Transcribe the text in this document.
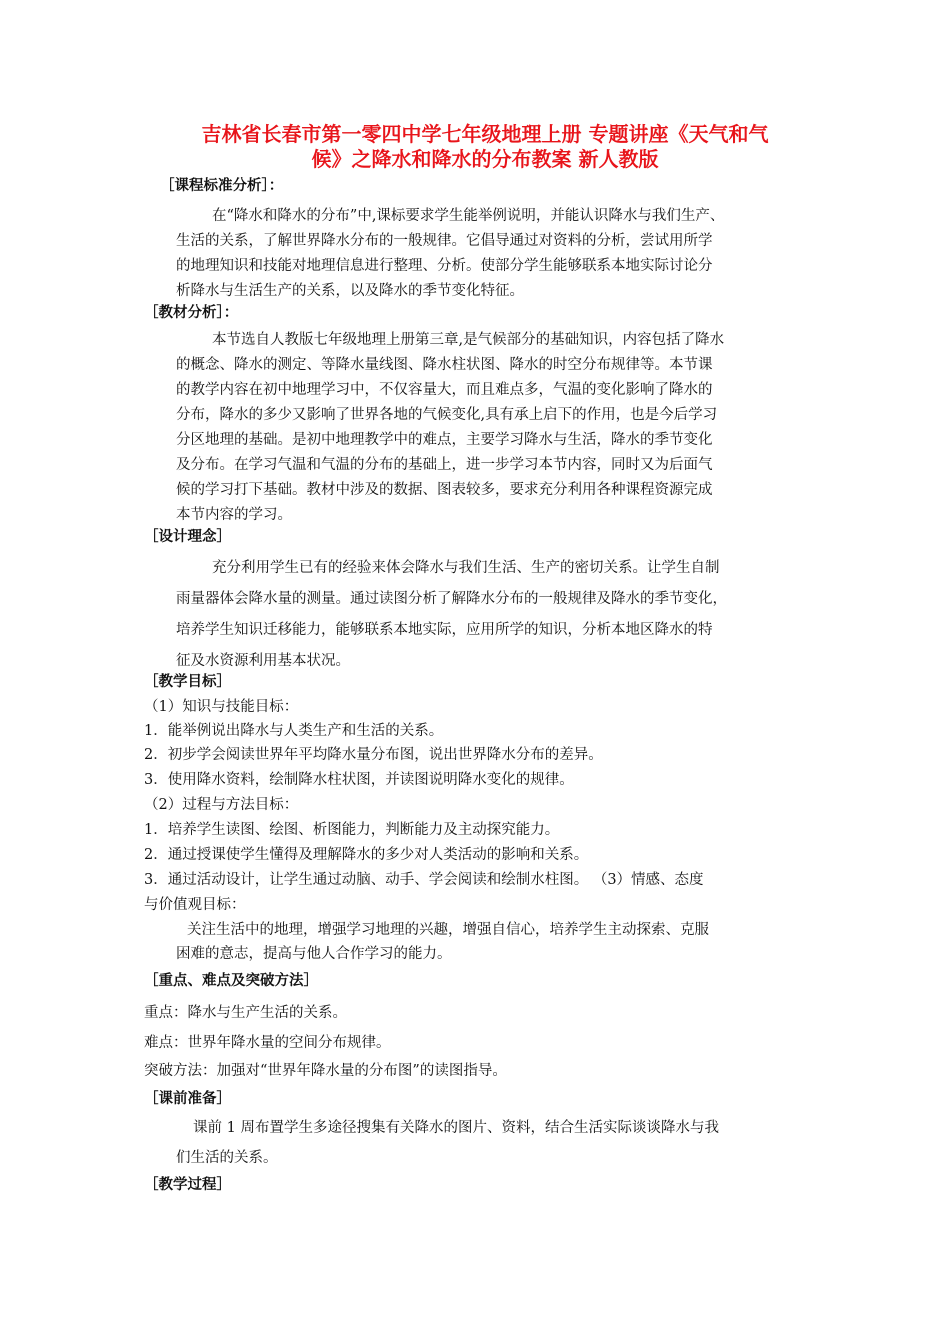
吉林省长春市第一零四中学七年级地理上册 专题讲座《天气和气
候》之降水和降水的分布教案 新人教版
［课程标准分析］：
在“降水和降水的分布”中,课标要求学生能举例说明，并能认识降水与我们生产、
生活的关系，了解世界降水分布的一般规律。它倡导通过对资料的分析，尝试用所学
的地理知识和技能对地理信息进行整理、分析。使部分学生能够联系本地实际讨论分
析降水与生活生产的关系，以及降水的季节变化特征。
［教材分析］：
本节选自人教版七年级地理上册第三章,是气候部分的基础知识，内容包括了降水
的概念、降水的测定、等降水量线图、降水柱状图、降水的时空分布规律等。本节课
的教学内容在初中地理学习中，不仅容量大，而且难点多，气温的变化影响了降水的
分布，降水的多少又影响了世界各地的气候变化,具有承上启下的作用，也是今后学习
分区地理的基础。是初中地理教学中的难点，主要学习降水与生活，降水的季节变化
及分布。在学习气温和气温的分布的基础上，进一步学习本节内容，同时又为后面气
候的学习打下基础。教材中涉及的数据、图表较多，要求充分利用各种课程资源完成
本节内容的学习。
［设计理念］
充分利用学生已有的经验来体会降水与我们生活、生产的密切关系。让学生自制
雨量器体会降水量的测量。通过读图分析了解降水分布的一般规律及降水的季节变化，
培养学生知识迁移能力，能够联系本地实际，应用所学的知识，分析本地区降水的特
征及水资源利用基本状况。
［教学目标］
（1）知识与技能目标：
1．能举例说出降水与人类生产和生活的关系。
2．初步学会阅读世界年平均降水量分布图，说出世界降水分布的差异。
3．使用降水资料，绘制降水柱状图，并读图说明降水变化的规律。
（2）过程与方法目标：
1．培养学生读图、绘图、析图能力，判断能力及主动探究能力。
2．通过授课使学生懂得及理解降水的多少对人类活动的影响和关系。
3．通过活动设计，让学生通过动脑、动手、学会阅读和绘制水柱图。 （3）情感、态度
与价值观目标：
关注生活中的地理，增强学习地理的兴趣，增强自信心，培养学生主动探索、克服
困难的意志，提高与他人合作学习的能力。
［重点、难点及突破方法］
重点：降水与生产生活的关系。
难点：世界年降水量的空间分布规律。
突破方法：加强对“世界年降水量的分布图”的读图指导。
［课前准备］
课前 1 周布置学生多途径搜集有关降水的图片、资料，结合生活实际谈谈降水与我
们生活的关系。
［教学过程］
